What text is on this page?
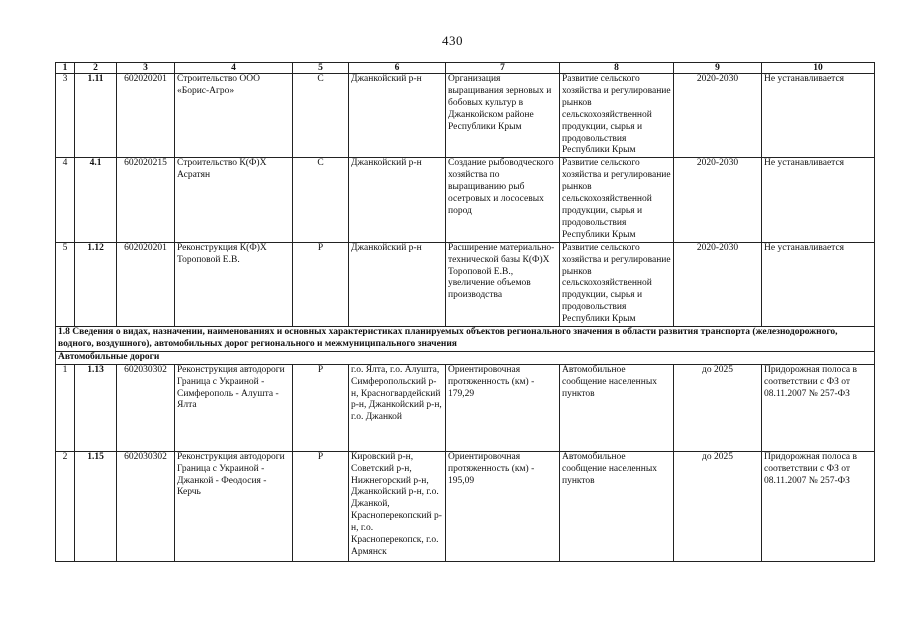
430
1	2	3	4	5	6	7	8	9	10
3	1.11	602020201	Строительство ООО «Борис-Агро»	С	Джанкойский р-н	Организация выращивания зерновых и бобовых культур в Джанкойском районе Республики Крым	Развитие сельского хозяйства и регулирование рынков сельскохозяйственной продукции, сырья и продовольствия Республики Крым	2020-2030	Не устанавливается
4	4.1	602020215	Строительство К(Ф)Х Асратян	С	Джанкойский р-н	Создание рыбоводческого хозяйства по выращиванию рыб осетровых и лососевых пород	Развитие сельского хозяйства и регулирование рынков сельскохозяйственной продукции, сырья и продовольствия Республики Крым	2020-2030	Не устанавливается
5	1.12	602020201	Реконструкция К(Ф)Х Тороповой Е.В.	Р	Джанкойский р-н	Расширение материально-технической базы К(Ф)Х Тороповой Е.В., увеличение объемов производства	Развитие сельского хозяйства и регулирование рынков сельскохозяйственной продукции, сырья и продовольствия Республики Крым	2020-2030	Не устанавливается
1.8 Сведения о видах, назначении, наименованиях и основных характеристиках планируемых объектов регионального значения в области развития транспорта (железнодорожного, водного, воздушного), автомобильных дорог регионального и межмуниципального значения									
Автомобильные дороги									
1	1.13	602030302	Реконструкция автодороги Граница с Украиной - Симферополь - Алушта - Ялта	Р	г.о. Ялта, г.о. Алушта, Симферопольский р-н, Красногвардейский р-н, Джанкойский р-н, г.о. Джанкой	Ориентировочная протяженность (км) - 179,29	Автомобильное сообщение населенных пунктов	до 2025	Придорожная полоса в соответствии с ФЗ от 08.11.2007 № 257-ФЗ
2	1.15	602030302	Реконструкция автодороги Граница с Украиной - Джанкой - Феодосия - Керчь	Р	Кировский р-н, Советский р-н, Нижнегорский р-н, Джанкойский р-н, г.о. Джанкой, Красноперекопский р-н, г.о. Красноперекопск, г.о. Армянск	Ориентировочная протяженность (км) - 195,09	Автомобильное сообщение населенных пунктов	до 2025	Придорожная полоса в соответствии с ФЗ от 08.11.2007 № 257-ФЗ
